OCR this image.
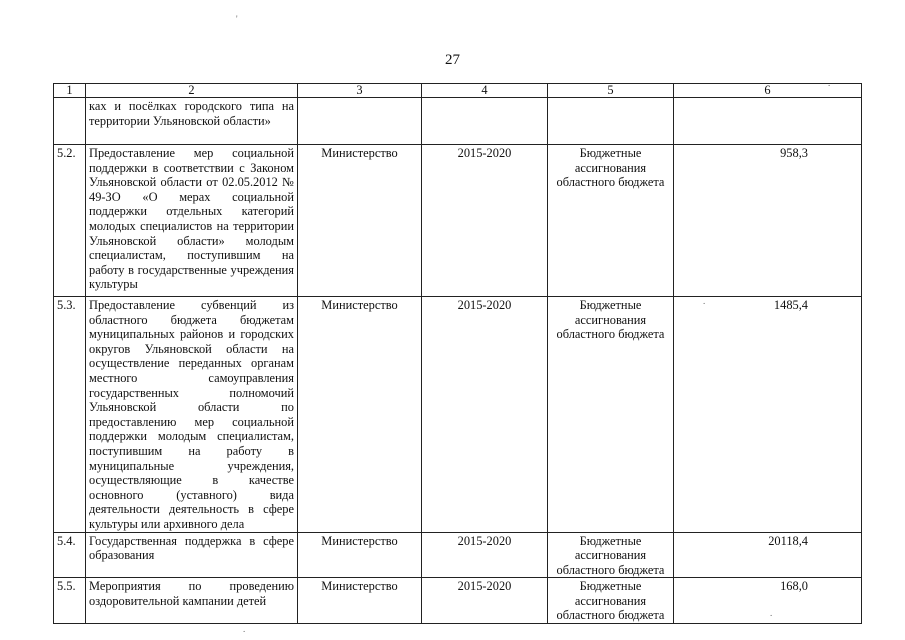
27
1	2	3	4	5	6
	ках и посёлках городского типа на территории Ульяновской области»				
5.2.	Предоставление мер социальной поддержки в соответствии с Законом Ульяновской области от 02.05.2012 № 49-ЗО «О мерах социальной поддержки отдельных категорий молодых специалистов на территории Ульяновской области» молодым специалистам, поступившим на работу в государственные учреждения культуры	Министерство	2015-2020	Бюджетные ассигнования областного бюджета	958,3
5.3.	Предоставление субвенций из областного бюджета бюджетам муниципальных районов и городских округов Ульяновской области на осуществление переданных органам местного самоуправления государственных полномочий Ульяновской области по предоставлению мер социальной поддержки молодым специалистам, поступившим на работу в муниципальные учреждения, осуществляющие в качестве основного (уставного) вида деятельности деятельность в сфере культуры или архивного дела	Министерство	2015-2020	Бюджетные ассигнования областного бюджета	1485,4
5.4.	Государственная поддержка в сфере образования	Министерство	2015-2020	Бюджетные ассигнования областного бюджета	20118,4
5.5.	Мероприятия по проведению оздоровительной кампании детей	Министерство	2015-2020	Бюджетные ассигнования областного бюджета	168,0
'
.
.
.
.
